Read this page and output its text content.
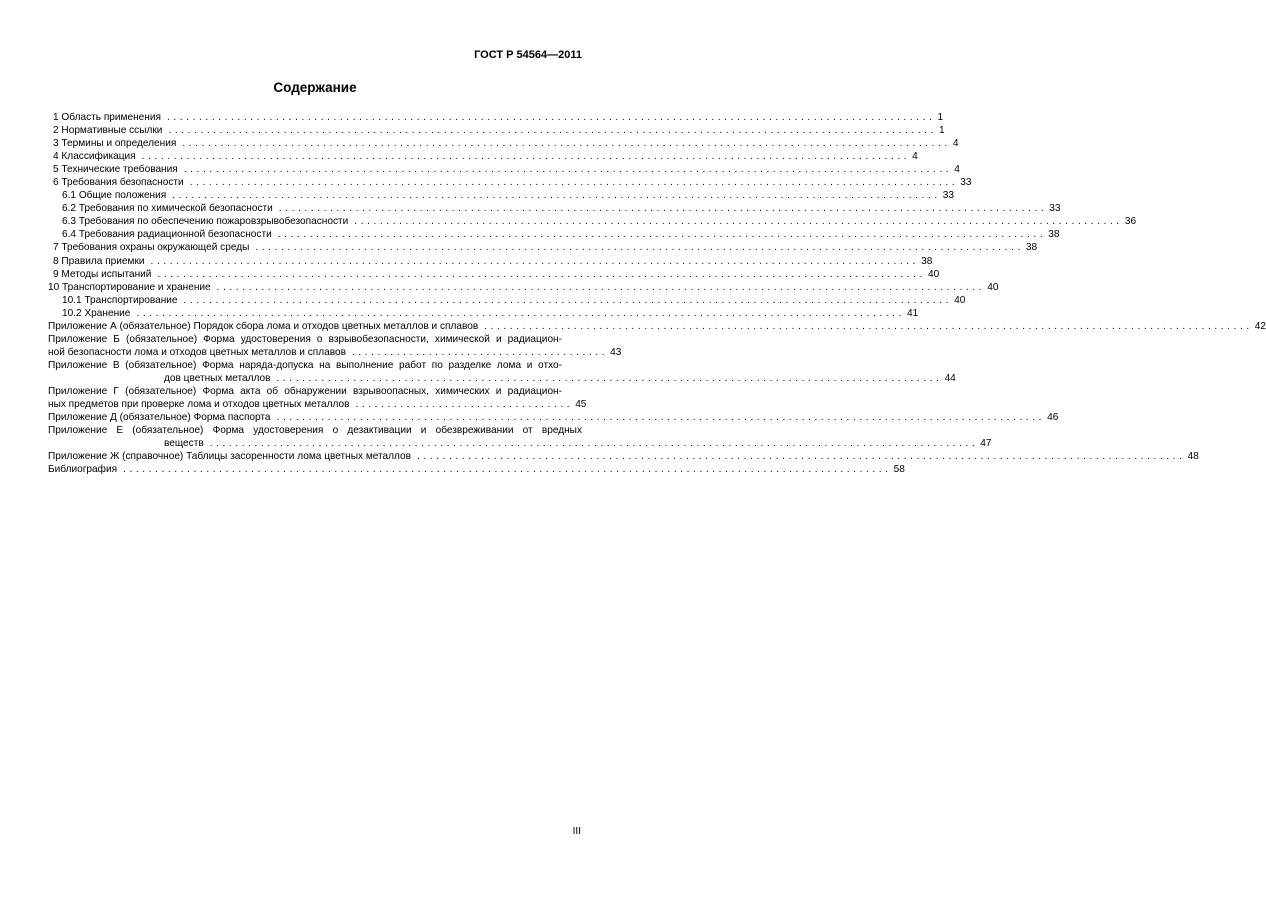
ГОСТ Р 54564—2011
Содержание
1 Область применения ........................................................................................................................ 1
2 Нормативные ссылки ........................................................................................................................ 1
3 Термины и определения ........................................................................................................................ 4
4 Классификация ........................................................................................................................ 4
5 Технические требования ........................................................................................................................ 4
6 Требования безопасности ........................................................................................................................ 33
6.1 Общие положения ........................................................................................................................ 33
6.2 Требования по химической безопасности ........................................................................................................................ 33
6.3 Требования по обеспечению пожаровзрывобезопасности ........................................................................................................................ 36
6.4 Требования радиационной безопасности ........................................................................................................................ 38
7 Требования охраны окружающей среды ........................................................................................................................ 38
8 Правила приемки ........................................................................................................................ 38
9 Методы испытаний ........................................................................................................................ 40
10 Транспортирование и хранение ........................................................................................................................ 40
10.1 Транспортирование ........................................................................................................................ 40
10.2 Хранение ........................................................................................................................ 41
Приложение А (обязательное) Порядок сбора лома и отходов цветных металлов и сплавов ........................................................................................................................ 42
Приложение Б (обязательное) Форма удостоверения о взрывобезопасности, химической и радиацион-
ной безопасности лома и отходов цветных металлов и сплавов ........................................ 43
Приложение В (обязательное) Форма наряда-допуска на выполнение работ по разделке лома и отхо-
дов цветных металлов ........................................................................................................ 44
Приложение Г (обязательное) Форма акта об обнаружении взрывоопасных, химических и радиацион-
ных предметов при проверке лома и отходов цветных металлов .................................. 45
Приложение Д (обязательное) Форма паспорта ........................................................................................................................ 46
Приложение Е (обязательное) Форма удостоверения о дезактивации и обезвреживании от вредных
веществ ........................................................................................................................ 47
Приложение Ж (справочное) Таблицы засоренности лома цветных металлов ........................................................................................................................ 48
Библиография ........................................................................................................................ 58
III
